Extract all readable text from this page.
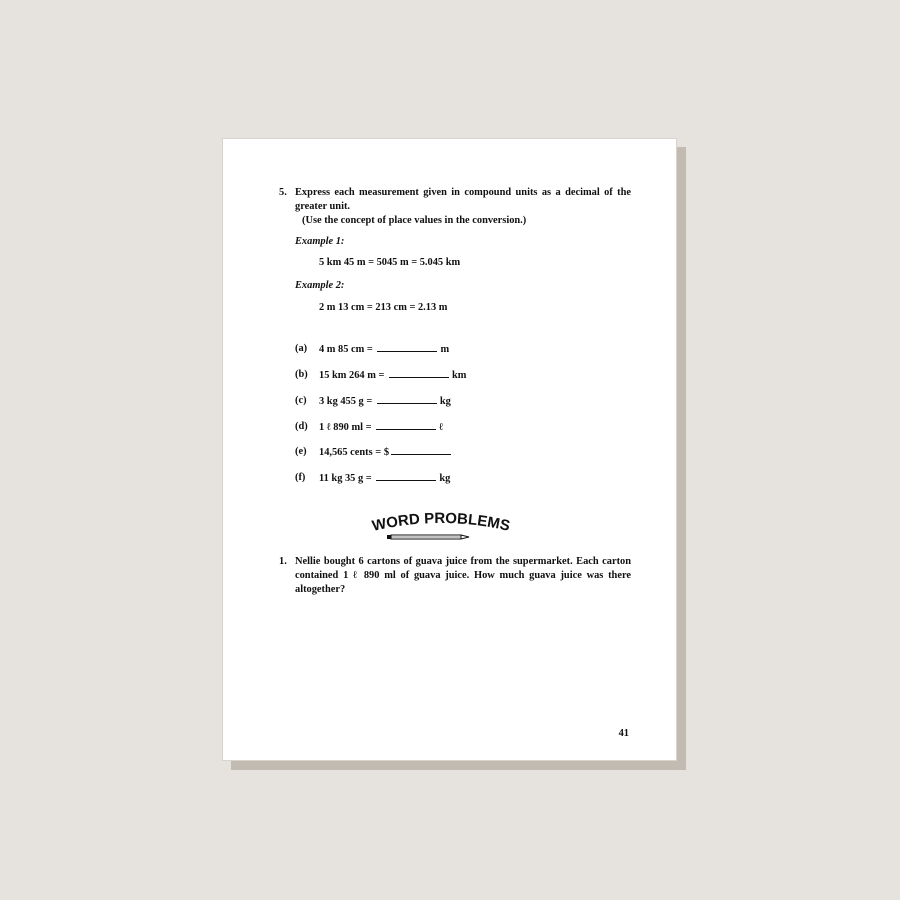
5. Express each measurement given in compound units as a decimal of the greater unit.
(Use the concept of place values in the conversion.)
Example 1:
5 km 45 m = 5045 m = 5.045 km
Example 2:
2 m 13 cm = 213 cm = 2.13 m
(a) 4 m 85 cm =	m
(b) 15 km 264 m =	km
(c) 3 kg 455 g =	kg
(d) 1 ℓ 890 ml =	ℓ
(e) 14,565 cents = $
(f) 11 kg 35 g =	kg
WORD PROBLEMS
1. Nellie bought 6 cartons of guava juice from the supermarket. Each carton contained 1 ℓ 890 ml of guava juice. How much guava juice was there altogether?
41
